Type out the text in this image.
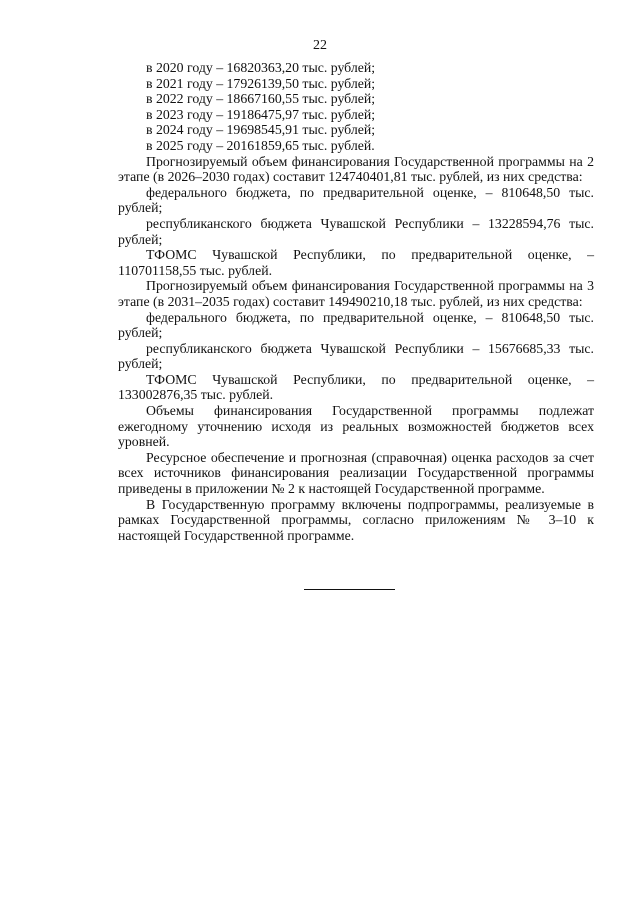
22

в 2020 году – 16820363,20 тыс. рублей;

в 2021 году – 17926139,50 тыс. рублей;

в 2022 году – 18667160,55 тыс. рублей;

в 2023 году – 19186475,97 тыс. рублей;

в 2024 году – 19698545,91 тыс. рублей;

в 2025 году – 20161859,65 тыс. рублей.

Прогнозируемый объем финансирования Государственной программы на 2 этапе (в 2026–2030 годах) составит 124740401,81 тыс. рублей, из них средства:

федерального бюджета, по предварительной оценке, – 810648,50 тыс. рублей;

республиканского бюджета Чувашской Республики – 13228594,76 тыс. рублей;

ТФОМС Чувашской Республики, по предварительной оценке, – 110701158,55 тыс. рублей.

Прогнозируемый объем финансирования Государственной программы на 3 этапе (в 2031–2035 годах) составит 149490210,18 тыс. рублей, из них средства:

федерального бюджета, по предварительной оценке, – 810648,50 тыс. рублей;

республиканского бюджета Чувашской Республики – 15676685,33 тыс. рублей;

ТФОМС Чувашской Республики, по предварительной оценке, – 133002876,35 тыс. рублей.

Объемы финансирования Государственной программы подлежат ежегодному уточнению исходя из реальных возможностей бюджетов всех уровней.

Ресурсное обеспечение и прогнозная (справочная) оценка расходов за счет всех источников финансирования реализации Государственной программы приведены в приложении № 2 к настоящей Государственной программе.

В Государственную программу включены подпрограммы, реализуемые в рамках Государственной программы, согласно приложениям № 3–10 к настоящей Государственной программе.
